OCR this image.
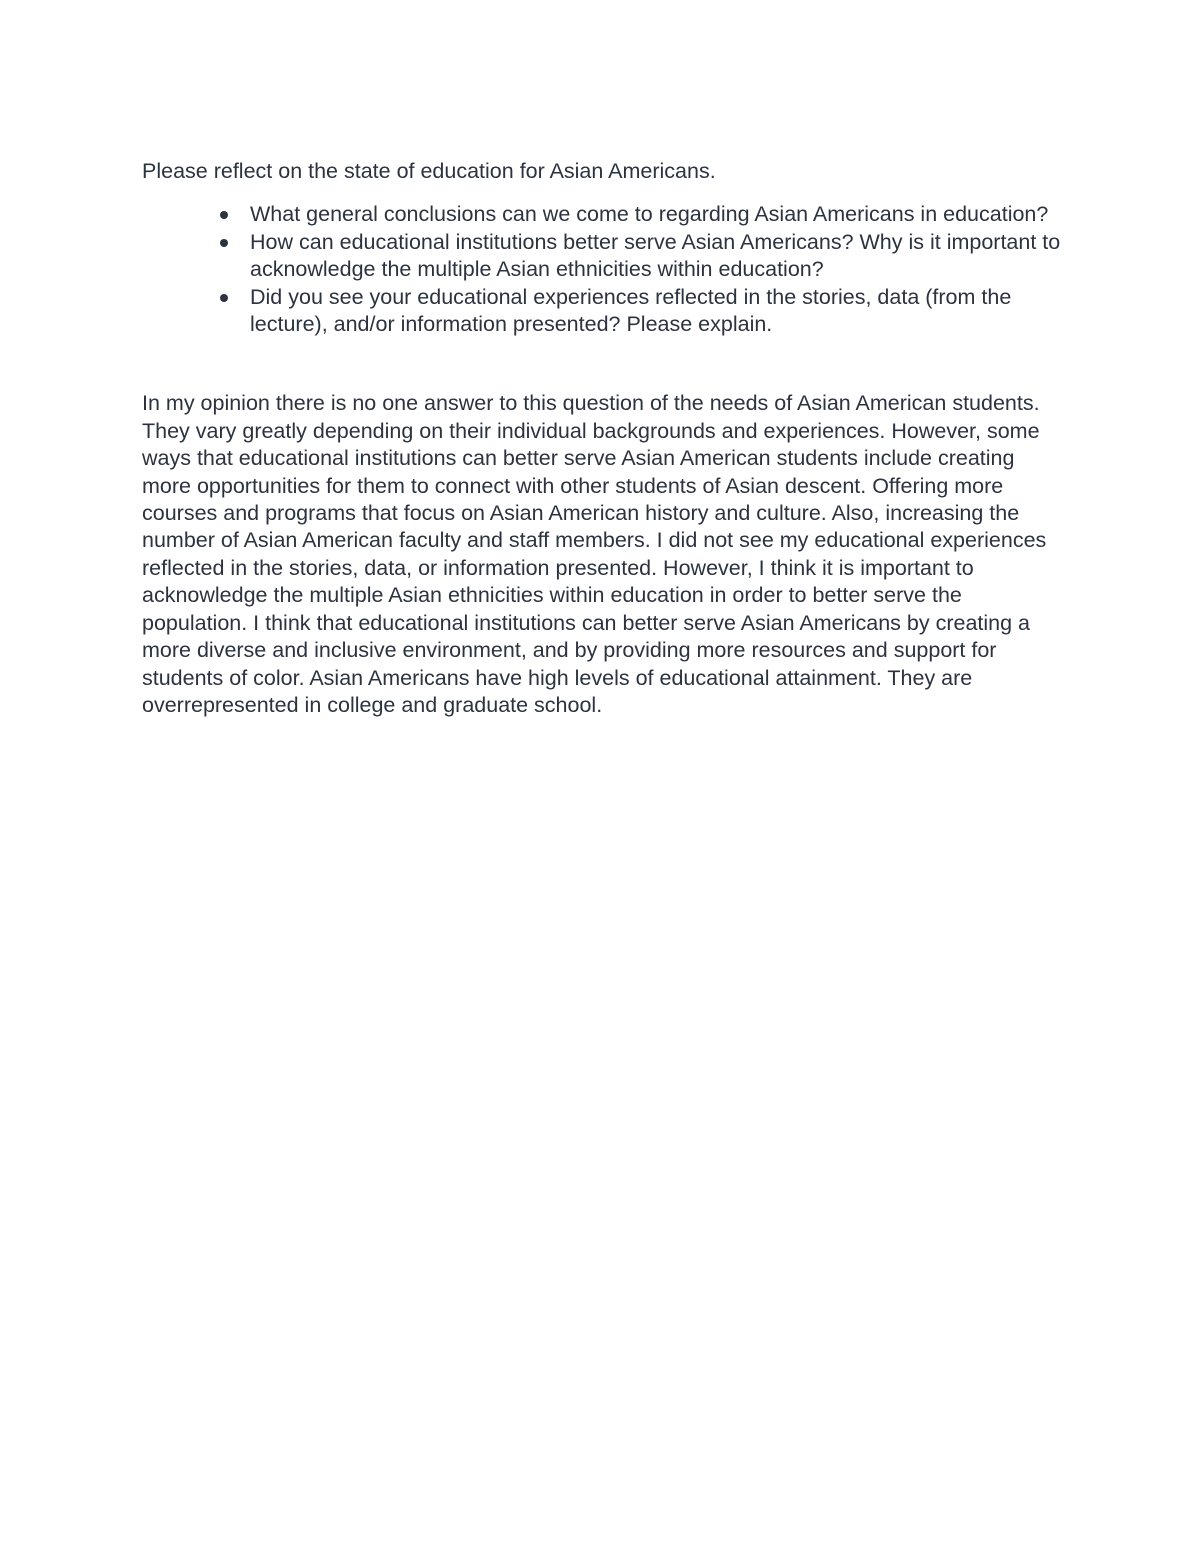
Please reflect on the state of education for Asian Americans.

What general conclusions can we come to regarding Asian Americans in education?
How can educational institutions better serve Asian Americans? Why is it important to acknowledge the multiple Asian ethnicities within education?
Did you see your educational experiences reflected in the stories, data (from the lecture), and/or information presented? Please explain.

In my opinion there is no one answer to this question of the needs of Asian American students. They vary greatly depending on their individual backgrounds and experiences. However, some ways that educational institutions can better serve Asian American students include creating more opportunities for them to connect with other students of Asian descent. Offering more courses and programs that focus on Asian American history and culture. Also, increasing the number of Asian American faculty and staff members. I did not see my educational experiences reflected in the stories, data, or information presented. However, I think it is important to acknowledge the multiple Asian ethnicities within education in order to better serve the population. I think that educational institutions can better serve Asian Americans by creating a more diverse and inclusive environment, and by providing more resources and support for students of color. Asian Americans have high levels of educational attainment. They are overrepresented in college and graduate school.
